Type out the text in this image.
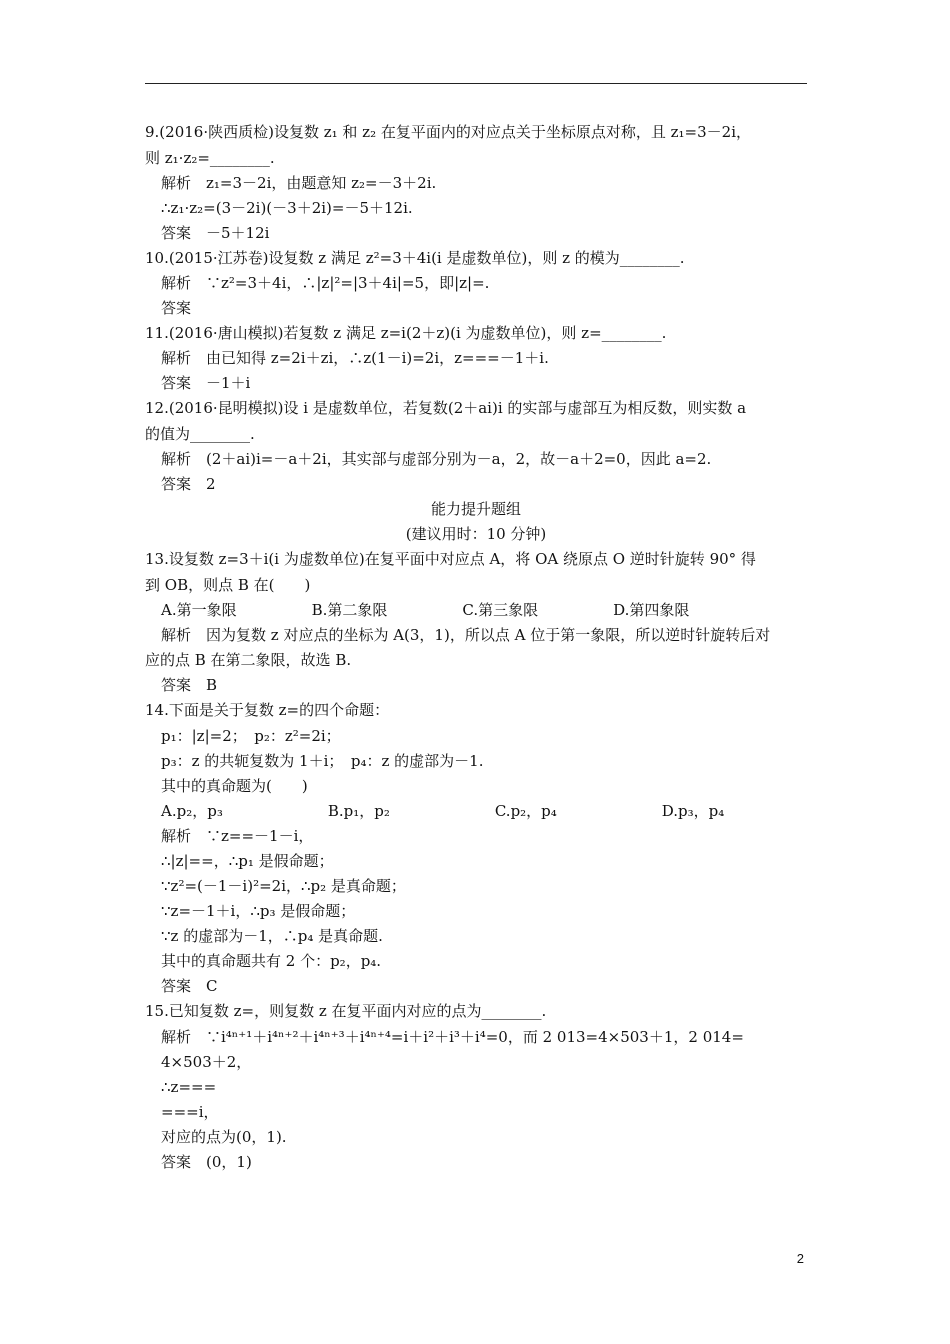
9.(2016·陕西质检)设复数 z₁ 和 z₂ 在复平面内的对应点关于坐标原点对称，且 z₁=3－2i，
则 z₁·z₂=________.
解析　z₁=3－2i，由题意知 z₂=－3＋2i.
∴z₁·z₂=(3－2i)(－3＋2i)=－5＋12i.
答案　－5＋12i
10.(2015·江苏卷)设复数 z 满足 z²=3＋4i(i 是虚数单位)，则 z 的模为________.
解析　∵z²=3＋4i，∴|z|²=|3＋4i|=5，即|z|=.
答案
11.(2016·唐山模拟)若复数 z 满足 z=i(2＋z)(i 为虚数单位)，则 z=________.
解析　由已知得 z=2i＋zi，∴z(1－i)=2i，z===－1＋i.
答案　－1＋i
12.(2016·昆明模拟)设 i 是虚数单位，若复数(2＋ai)i 的实部与虚部互为相反数，则实数 a
的值为________.
解析　(2＋ai)i=－a＋2i，其实部与虚部分别为－a，2，故－a＋2=0，因此 a=2.
答案　2
能力提升题组
(建议用时：10 分钟)
13.设复数 z=3＋i(i 为虚数单位)在复平面中对应点 A，将 OA 绕原点 O 逆时针旋转 90° 得
到 OB，则点 B 在(　　)
A.第一象限　　　　　B.第二象限　　　　　C.第三象限　　　　　D.第四象限
解析　因为复数 z 对应点的坐标为 A(3，1)，所以点 A 位于第一象限，所以逆时针旋转后对
应的点 B 在第二象限，故选 B.
答案　B
14.下面是关于复数 z=的四个命题：
p₁：|z|=2；　p₂：z²=2i；
p₃：z 的共轭复数为 1＋i；　p₄：z 的虚部为－1.
其中的真命题为(　　)
A.p₂，p₃　　　　　　　B.p₁，p₂　　　　　　　C.p₂，p₄　　　　　　　D.p₃，p₄
解析　∵z==－1－i，
∴|z|==，∴p₁ 是假命题；
∵z²=(－1－i)²=2i，∴p₂ 是真命题；
∵z=－1＋i，∴p₃ 是假命题；
∵z 的虚部为－1，∴p₄ 是真命题.
其中的真命题共有 2 个：p₂，p₄.
答案　C
15.已知复数 z=，则复数 z 在复平面内对应的点为________.
解析　∵i⁴ⁿ⁺¹＋i⁴ⁿ⁺²＋i⁴ⁿ⁺³＋i⁴ⁿ⁺⁴=i＋i²＋i³＋i⁴=0，而 2 013=4×503＋1，2 014=
4×503＋2，
∴z===
===i，
对应的点为(0，1).
答案　(0，1)
2
